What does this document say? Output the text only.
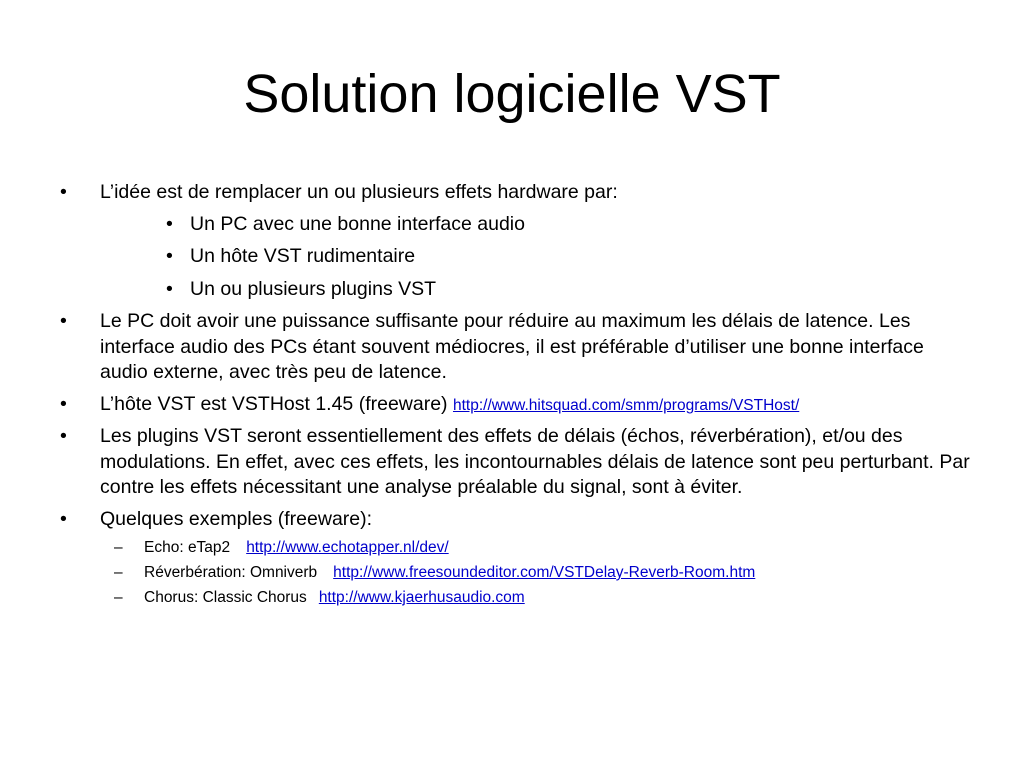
Solution logicielle VST
• L’idée est de remplacer un ou plusieurs effets hardware par:
• Un PC avec une bonne interface audio
• Un hôte VST rudimentaire
• Un ou plusieurs plugins VST
• Le PC doit avoir une puissance suffisante pour réduire au maximum les délais de latence. Les interface audio des PCs étant souvent médiocres, il est préférable d’utiliser une bonne interface audio externe, avec très peu de latence.
• L’hôte VST est VSTHost 1.45 (freeware) http://www.hitsquad.com/smm/programs/VSTHost/
• Les plugins VST seront essentiellement des effets de délais (échos, réverbération), et/ou des modulations. En effet, avec ces effets, les incontournables délais de latence sont peu perturbant. Par contre les effets nécessitant une analyse préalable du signal, sont à éviter.
• Quelques exemples (freeware):
– Echo: eTap2 http://www.echotapper.nl/dev/
– Réverbération: Omniverb http://www.freesoundeditor.com/VSTDelay-Reverb-Room.htm
– Chorus: Classic Chorus http://www.kjaerhusaudio.com
